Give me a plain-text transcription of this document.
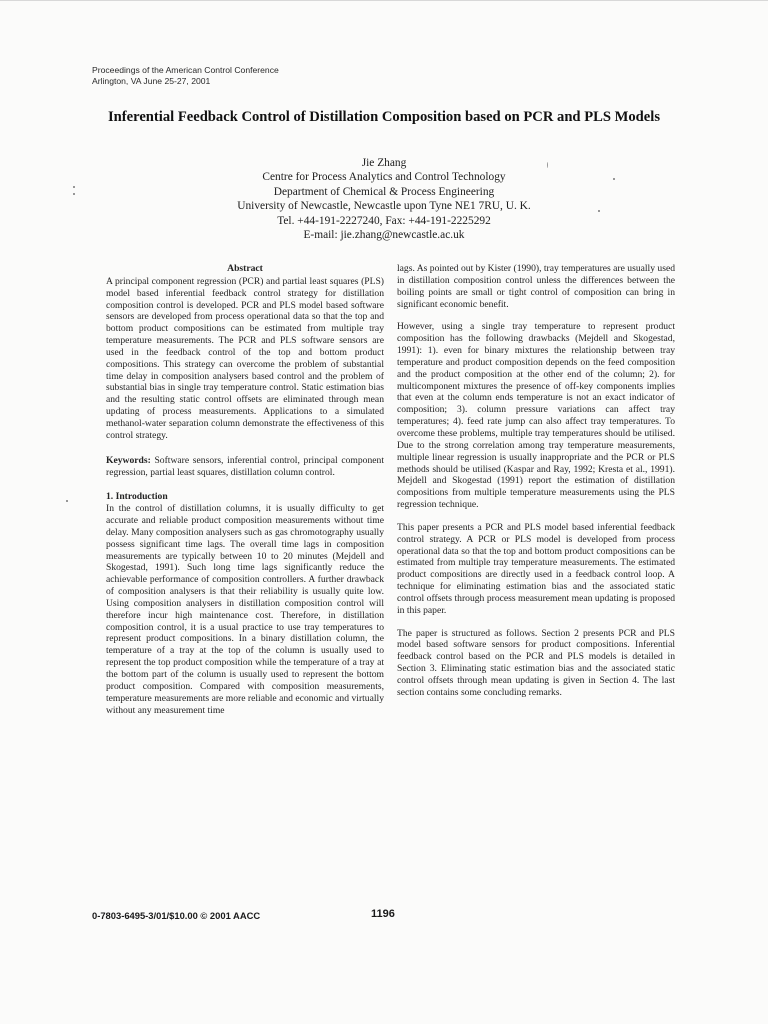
Proceedings of the American Control Conference
Arlington, VA June 25-27, 2001
Inferential Feedback Control of Distillation Composition based on PCR and PLS Models
Jie Zhang
Centre for Process Analytics and Control Technology
Department of Chemical & Process Engineering
University of Newcastle, Newcastle upon Tyne NE1 7RU, U. K.
Tel. +44-191-2227240, Fax: +44-191-2225292
E-mail: jie.zhang@newcastle.ac.uk

Abstract

A principal component regression (PCR) and partial least squares (PLS) model based inferential feedback control strategy for distillation composition control is developed. PCR and PLS model based software sensors are developed from process operational data so that the top and bottom product compositions can be estimated from multiple tray temperature measurements. The PCR and PLS software sensors are used in the feedback control of the top and bottom product compositions. This strategy can overcome the problem of substantial time delay in composition analysers based control and the problem of substantial bias in single tray temperature control. Static estimation bias and the resulting static control offsets are eliminated through mean updating of process measurements. Applications to a simulated methanol-water separation column demonstrate the effectiveness of this control strategy.

Keywords: Software sensors, inferential control, principal component regression, partial least squares, distillation column control.

1. Introduction

In the control of distillation columns, it is usually difficulty to get accurate and reliable product composition measurements without time delay. Many composition analysers such as gas chromotography usually possess significant time lags. The overall time lags in composition measurements are typically between 10 to 20 minutes (Mejdell and Skogestad, 1991). Such long time lags significantly reduce the achievable performance of composition controllers. A further drawback of composition analysers is that their reliability is usually quite low. Using composition analysers in distillation composition control will therefore incur high maintenance cost. Therefore, in distillation composition control, it is a usual practice to use tray temperatures to represent product compositions. In a binary distillation column, the temperature of a tray at the top of the column is usually used to represent the top product composition while the temperature of a tray at the bottom part of the column is usually used to represent the bottom product composition. Compared with composition measurements, temperature measurements are more reliable and economic and virtually without any measurement time

lags. As pointed out by Kister (1990), tray temperatures are usually used in distillation composition control unless the differences between the boiling points are small or tight control of composition can bring in significant economic benefit.

However, using a single tray temperature to represent product composition has the following drawbacks (Mejdell and Skogestad, 1991): 1). even for binary mixtures the relationship between tray temperature and product composition depends on the feed composition and the product composition at the other end of the column; 2). for multicomponent mixtures the presence of off-key components implies that even at the column ends temperature is not an exact indicator of composition; 3). column pressure variations can affect tray temperatures; 4). feed rate jump can also affect tray temperatures. To overcome these problems, multiple tray temperatures should be utilised. Due to the strong correlation among tray temperature measurements, multiple linear regression is usually inappropriate and the PCR or PLS methods should be utilised (Kaspar and Ray, 1992; Kresta et al., 1991). Mejdell and Skogestad (1991) report the estimation of distillation compositions from multiple temperature measurements using the PLS regression technique.

This paper presents a PCR and PLS model based inferential feedback control strategy. A PCR or PLS model is developed from process operational data so that the top and bottom product compositions can be estimated from multiple tray temperature measurements. The estimated product compositions are directly used in a feedback control loop. A technique for eliminating estimation bias and the associated static control offsets through process measurement mean updating is proposed in this paper.

The paper is structured as follows. Section 2 presents PCR and PLS model based software sensors for product compositions. Inferential feedback control based on the PCR and PLS models is detailed in Section 3. Eliminating static estimation bias and the associated static control offsets through mean updating is given in Section 4. The last section contains some concluding remarks.

0-7803-6495-3/01/$10.00 © 2001 AACC	1196
